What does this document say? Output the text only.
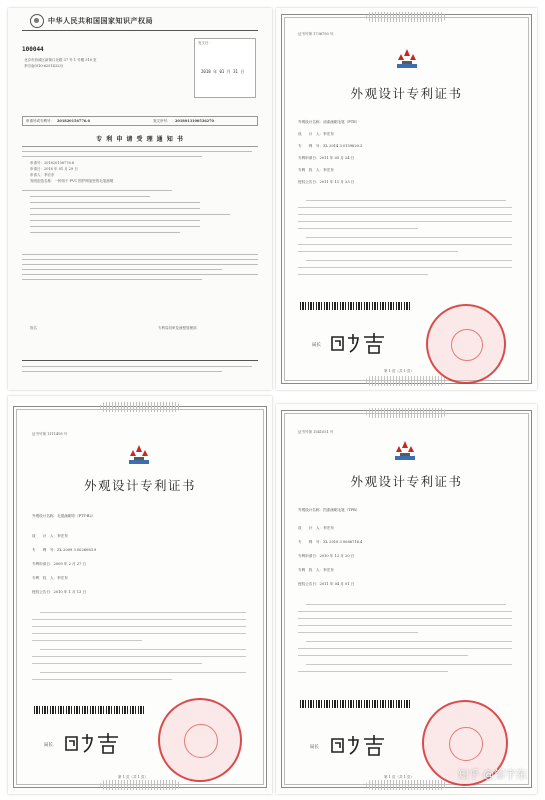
中华人民共和国国家知识产权局
100044
北京市西城区新街口北路 37 号 1 号楼 310 室
李宗南(010-62514323)
发文日：
2018 年 01 月 31 日
申请号或专利号： 201820156776.6	发文序号： 2018013100536270
专 利 申 请 受 理 通 知 书
申请号：201820156776.6
申请日：2018 年 01 月 29 日
申请人：李宏东
发明创造名称：一种用于 PVC 围护网加密的毛笔测刷
姓名	专利局初审及流程管理部
证书号第 1736790 号
外观设计专利证书
外观设计名称：油漆画刷毛笔（PTE）
设　　计　人：李宏东
专　　利　号：ZL 2014 3 0159820.3
专利申请日：2011 年 05 月 24 日
专利　权　人：李宏东
授权公告日：2011 年 11 月 23 日
局长
第 1 页（共 1 页）
证书号第 1111495 号
外观设计专利证书
外观设计名称：毛毯画刷帘（PTT-B2）
设　　计　人：李宏东
专　　利　号：ZL 2009 3 0026083.9
专利申请日：2009 年 2 月 27 日
专利　权　人：李宏东
授权公告日：2010 年 1 月 13 日
局长
第 1 页（共 1 页）
证书号第 1541051 号
外观设计专利证书
外观设计名称：挡漆画刷毛笔（TPB）
设　　计　人：李宏东
专　　利　号：ZL 2010 3 0086716.4
专利申请日：2010 年 12 月 20 日
专利　权　人：李宏东
授权公告日：2011 年 04 月 01 日
局长
第 1 页（共 1 页）	知乎 @邹宇东
